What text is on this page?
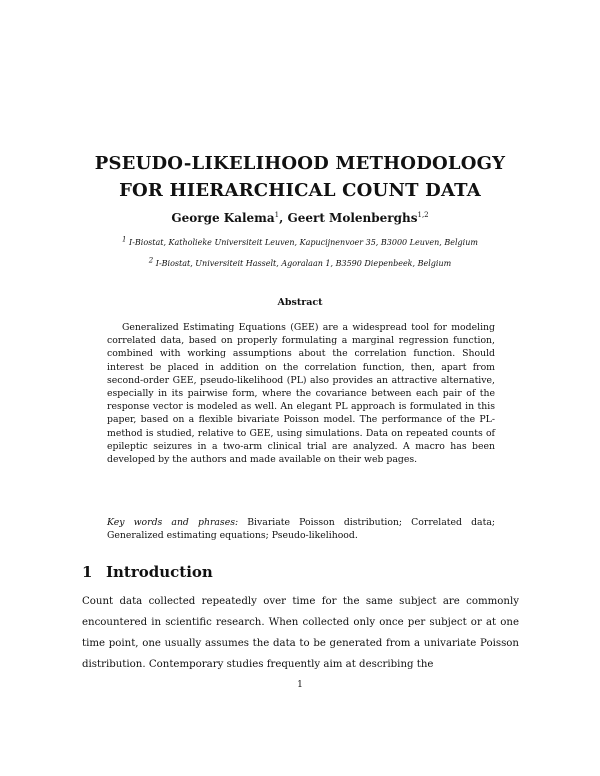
PSEUDO-LIKELIHOOD METHODOLOGY
FOR HIERARCHICAL COUNT DATA
George Kalema$^1$, Geert Molenberghs$^{1,2}$
$^1$ I-Biostat, Katholieke Universiteit Leuven, Kapucijnenvoer 35, B3000 Leuven, Belgium
$^2$ I-Biostat, Universiteit Hasselt, Agoralaan 1, B3590 Diepenbeek, Belgium
Abstract
Generalized Estimating Equations (GEE) are a widespread tool for modeling correlated data, based on properly formulating a marginal regression function, combined with working assumptions about the correlation function. Should interest be placed in addition on the correlation function, then, apart from second-order GEE, pseudo-likelihood (PL) also provides an attractive alternative, especially in its pairwise form, where the covariance between each pair of the response vector is modeled as well. An elegant PL approach is formulated in this paper, based on a flexible bivariate Poisson model. The performance of the PL-method is studied, relative to GEE, using simulations. Data on repeated counts of epileptic seizures in a two-arm clinical trial are analyzed. A macro has been developed by the authors and made available on their web pages.
Key words and phrases: Bivariate Poisson distribution; Correlated data; Generalized estimating equations; Pseudo-likelihood.
1 Introduction
Count data collected repeatedly over time for the same subject are commonly encountered in scientific research. When collected only once per subject or at one time point, one usually assumes the data to be generated from a univariate Poisson distribution. Contemporary studies frequently aim at describing the
1
